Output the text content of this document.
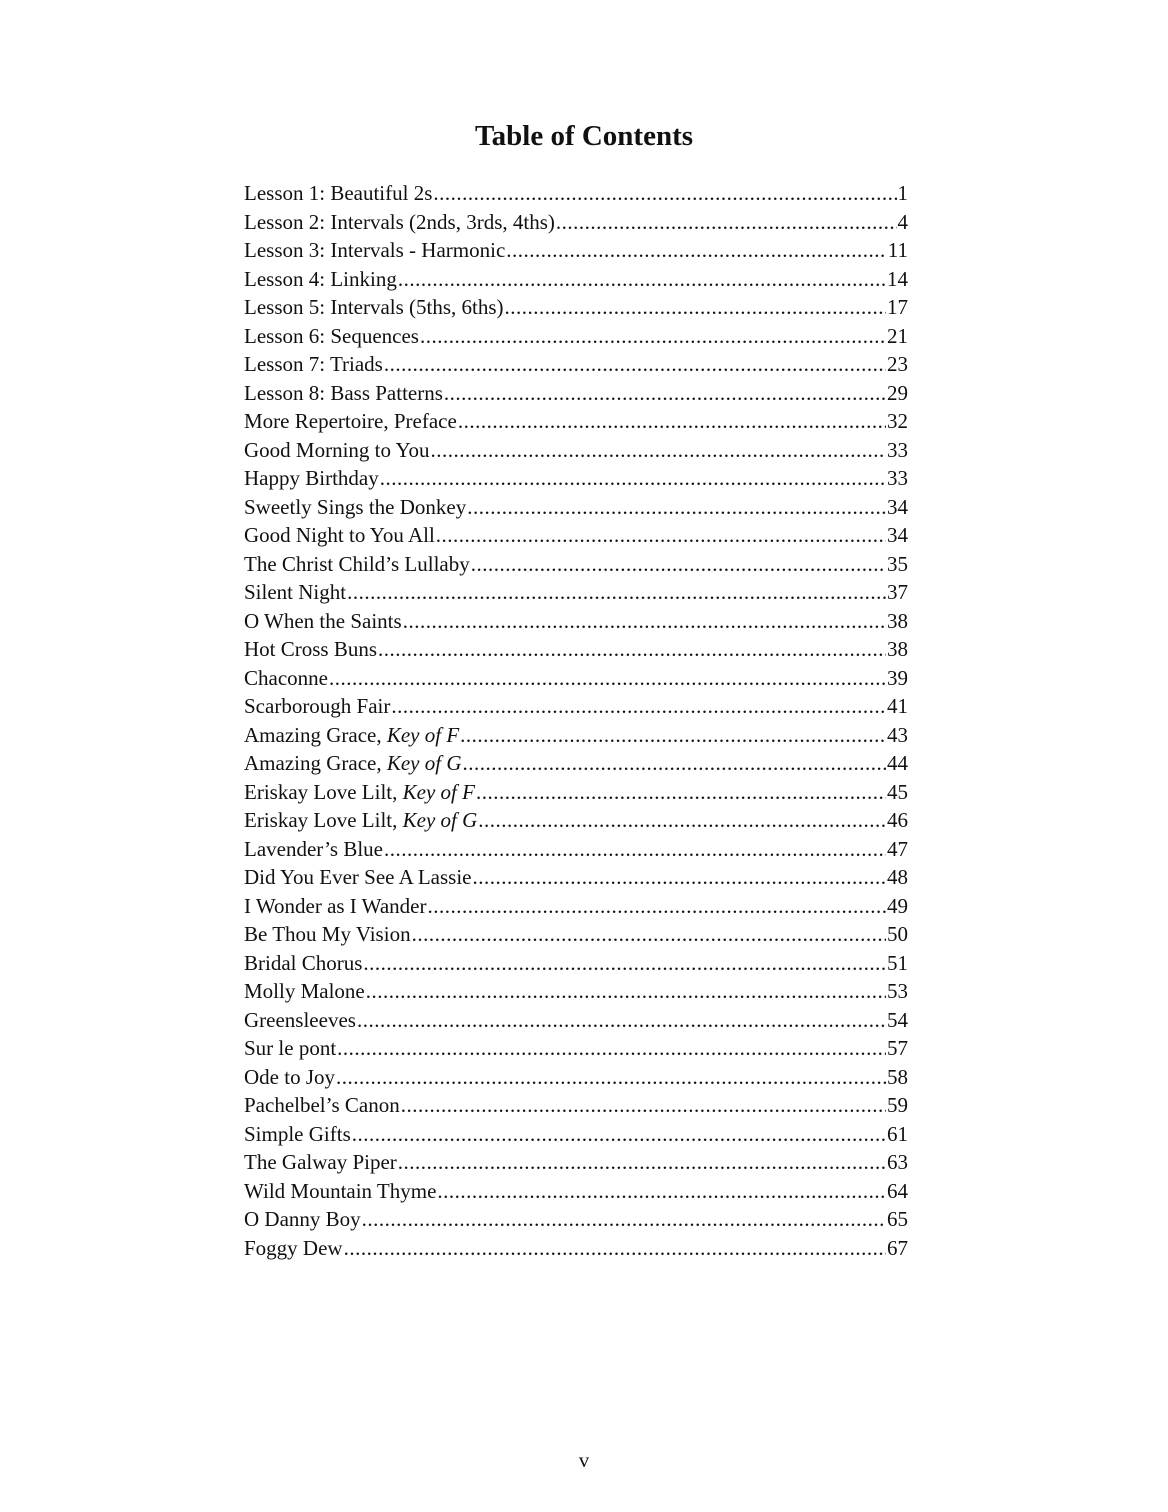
Table of Contents
Lesson 1: Beautiful 2s .....	1
Lesson 2: Intervals (2nds, 3rds, 4ths) .....	4
Lesson 3: Intervals - Harmonic .....	11
Lesson 4: Linking .....	14
Lesson 5: Intervals (5ths, 6ths) .....	17
Lesson 6: Sequences .....	21
Lesson 7: Triads .....	23
Lesson 8: Bass Patterns .....	29
More Repertoire, Preface .....	32
Good Morning to You .....	33
Happy Birthday .....	33
Sweetly Sings the Donkey .....	34
Good Night to You All .....	34
The Christ Child’s Lullaby .....	35
Silent Night .....	37
O When the Saints .....	38
Hot Cross Buns .....	38
Chaconne .....	39
Scarborough Fair .....	41
Amazing Grace, Key of F .....	43
Amazing Grace, Key of G .....	44
Eriskay Love Lilt, Key of F .....	45
Eriskay Love Lilt, Key of G .....	46
Lavender’s Blue .....	47
Did You Ever See A Lassie .....	48
I Wonder as I Wander .....	49
Be Thou My Vision .....	50
Bridal Chorus .....	51
Molly Malone .....	53
Greensleeves .....	54
Sur le pont .....	57
Ode to Joy .....	58
Pachelbel’s Canon .....	59
Simple Gifts .....	61
The Galway Piper .....	63
Wild Mountain Thyme .....	64
O Danny Boy .....	65
Foggy Dew .....	67
v
